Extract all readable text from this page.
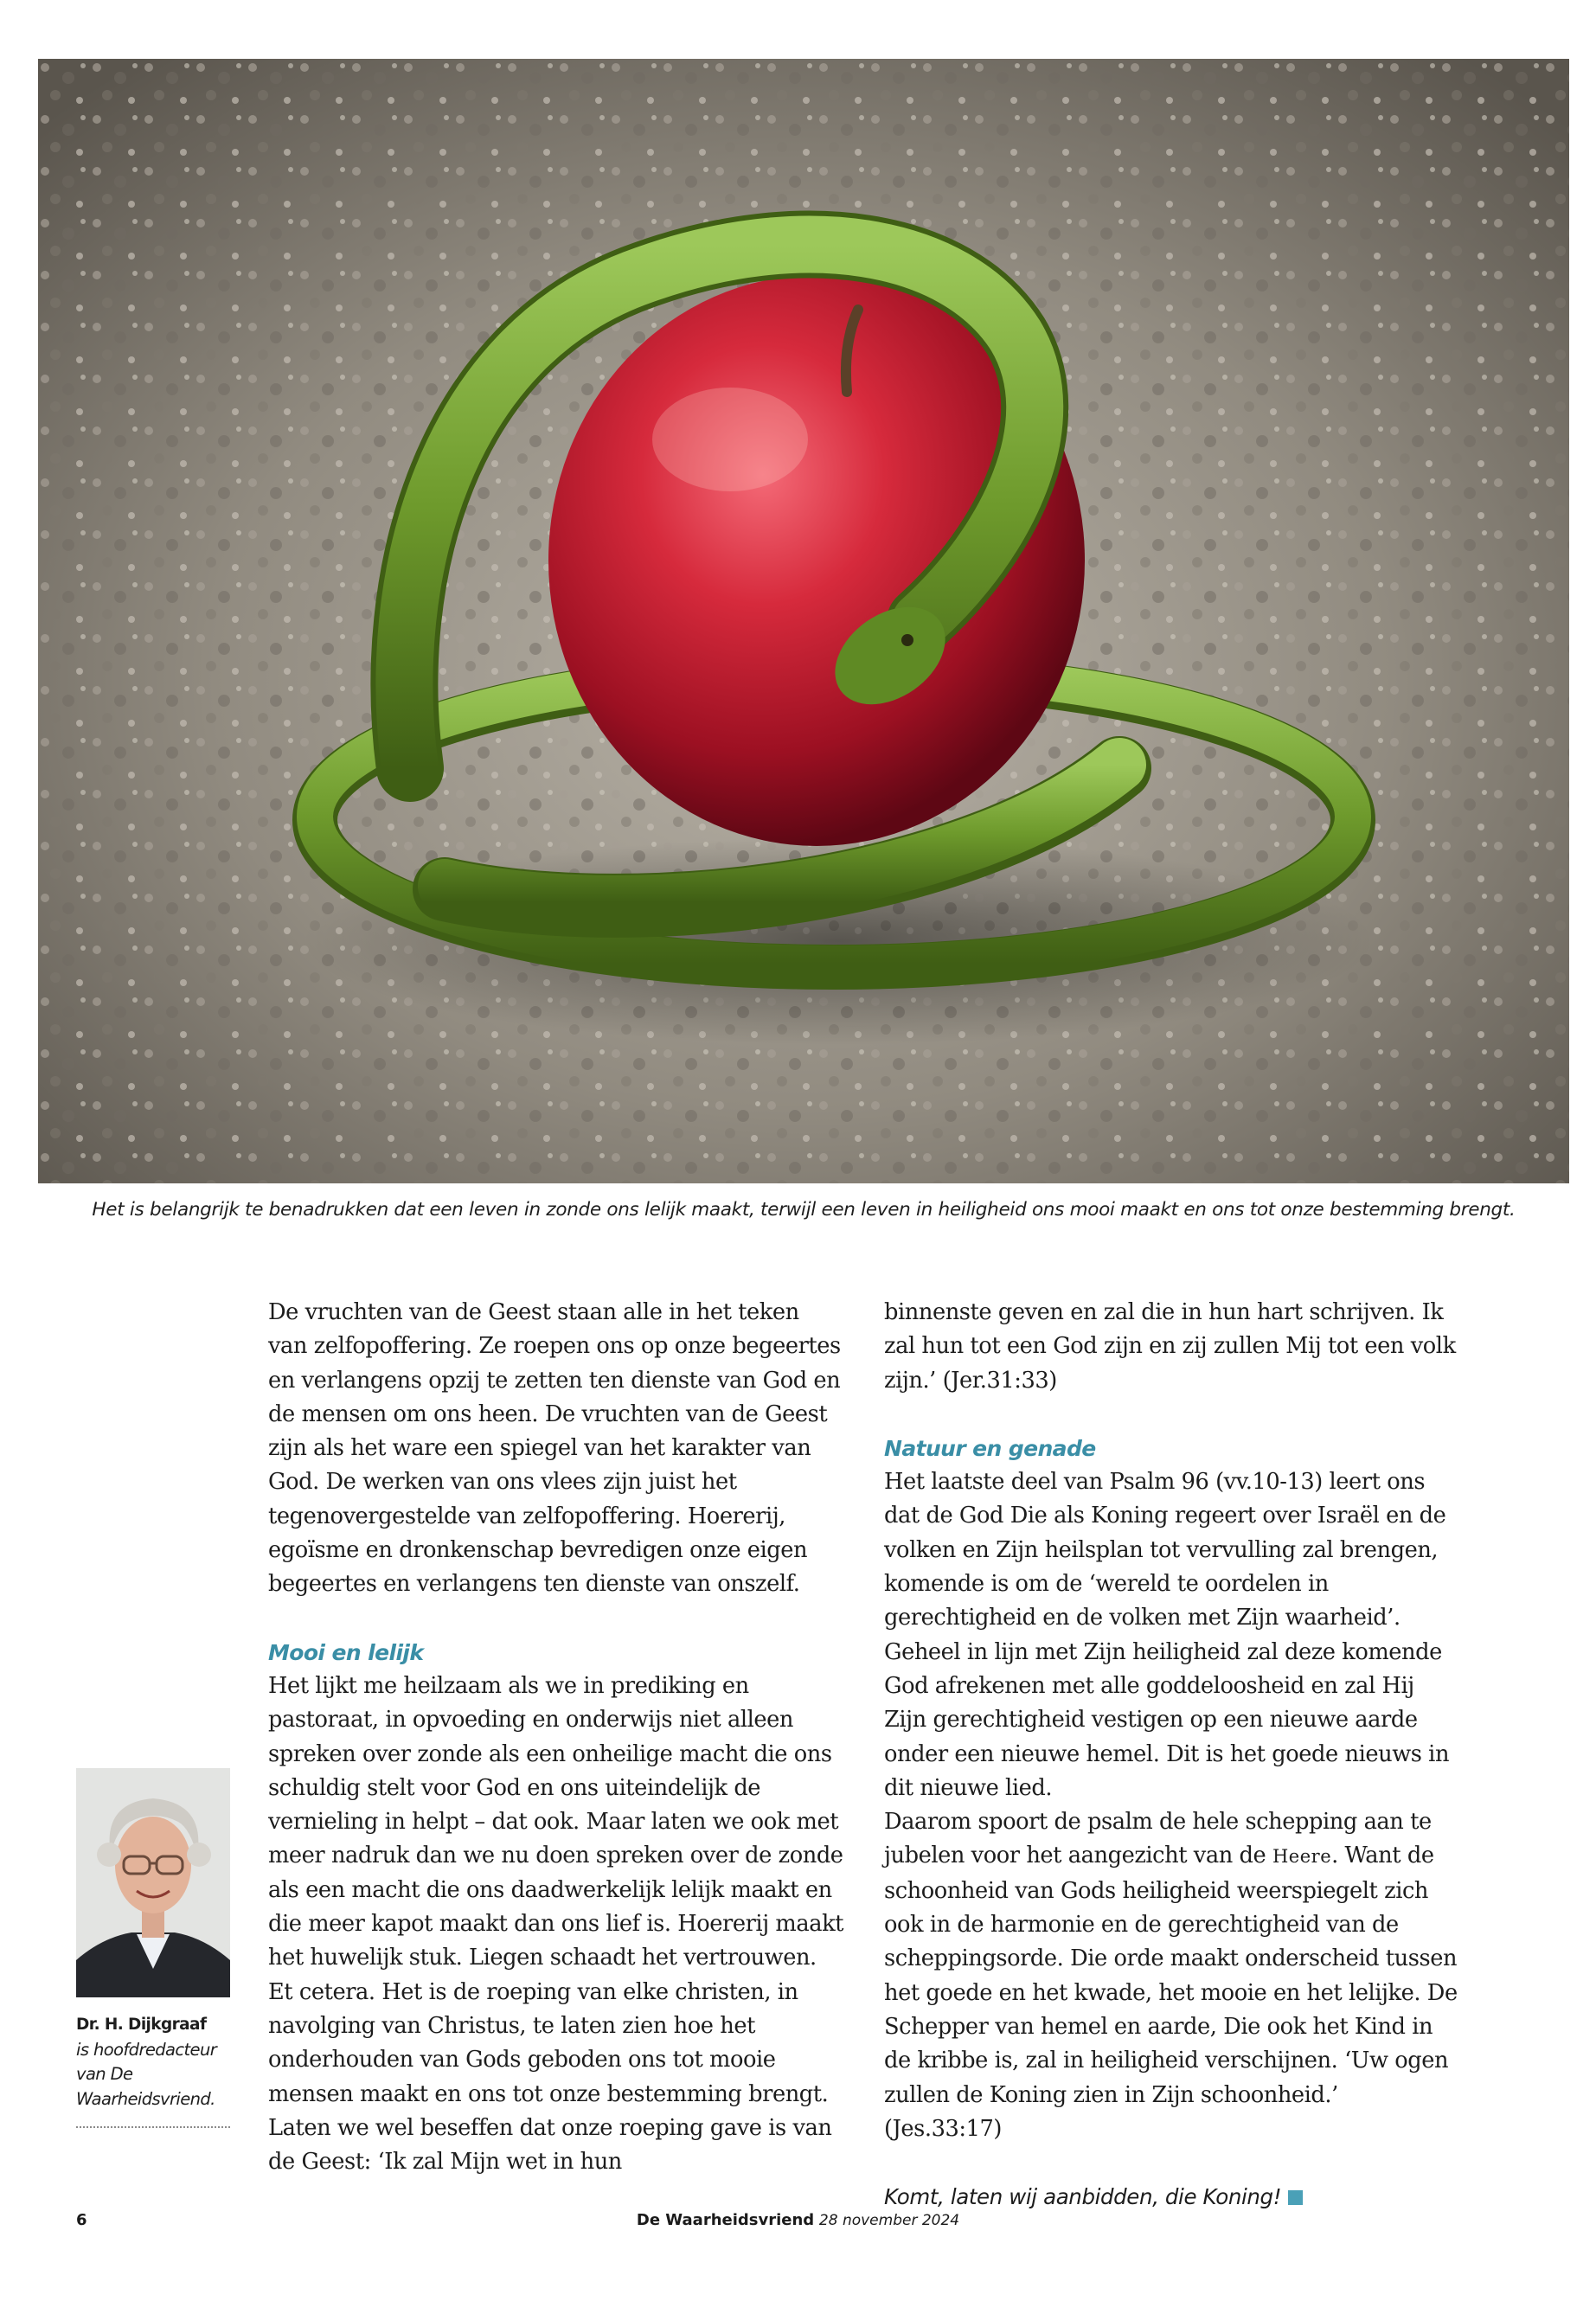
Het is belangrijk te benadrukken dat een leven in zonde ons lelijk maakt, terwijl een leven in heiligheid ons mooi maakt en ons tot onze bestemming brengt.

De vruchten van de Geest staan alle in het teken van zelfopoffering. Ze roepen ons op onze begeertes en verlangens opzij te zetten ten dienste van God en de mensen om ons heen. De vruchten van de Geest zijn als het ware een spiegel van het karakter van God. De werken van ons vlees zijn juist het tegenovergestelde van zelfopoffering. Hoererij, egoïsme en dronkenschap bevredigen onze eigen begeertes en verlangens ten dienste van onszelf.

Mooi en lelijk

Het lijkt me heilzaam als we in prediking en pastoraat, in opvoeding en onderwijs niet alleen spreken over zonde als een onheilige macht die ons schuldig stelt voor God en ons uiteindelijk de vernieling in helpt – dat ook. Maar laten we ook met meer nadruk dan we nu doen spreken over de zonde als een macht die ons daadwerkelijk lelijk maakt en die meer kapot maakt dan ons lief is. Hoererij maakt het huwelijk stuk. Liegen schaadt het vertrouwen. Et cetera. Het is de roeping van elke christen, in navolging van Christus, te laten zien hoe het onderhouden van Gods geboden ons tot mooie mensen maakt en ons tot onze bestemming brengt. Laten we wel beseffen dat onze roeping gave is van de Geest: ‘Ik zal Mijn wet in hun

binnenste geven en zal die in hun hart schrijven. Ik zal hun tot een God zijn en zij zullen Mij tot een volk zijn.’ (Jer.31:33)

Natuur en genade

Het laatste deel van Psalm 96 (vv.10-13) leert ons dat de God Die als Koning regeert over Israël en de volken en Zijn heilsplan tot vervulling zal brengen, komende is om de ‘wereld te oordelen in gerechtigheid en de volken met Zijn waarheid’. Geheel in lijn met Zijn heiligheid zal deze komende God afrekenen met alle goddeloosheid en zal Hij Zijn gerechtigheid vestigen op een nieuwe aarde onder een nieuwe hemel. Dit is het goede nieuws in dit nieuwe lied.

Daarom spoort de psalm de hele schepping aan te jubelen voor het aangezicht van de Heere. Want de schoonheid van Gods heiligheid weerspiegelt zich ook in de harmonie en de gerechtigheid van de scheppingsorde. Die orde maakt onderscheid tussen het goede en het kwade, het mooie en het lelijke. De Schepper van hemel en aarde, Die ook het Kind in de kribbe is, zal in heiligheid verschijnen. ‘Uw ogen zullen de Koning zien in Zijn schoonheid.’ (Jes.33:17)

Komt, laten wij aanbidden, die Koning!

Dr. H. Dijkgraaf
is hoofdredacteur van De Waarheidsvriend.
6	De Waarheidsvriend 28 november 2024
